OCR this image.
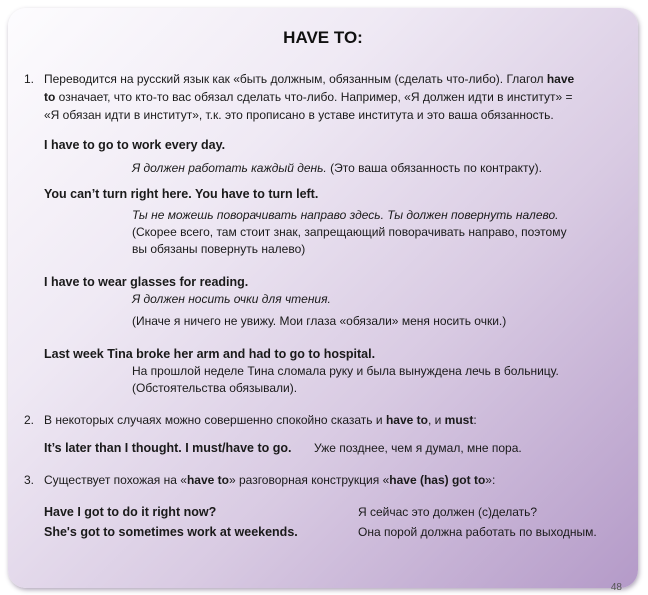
HAVE TO:
1. Переводится на русский язык как «быть должным, обязанным (сделать что-либо). Глагол have
to означает, что кто-то вас обязал сделать что-либо. Например, «Я должен идти в институт» =
«Я обязан идти в институт», т.к. это прописано в уставе института и это ваша обязанность.
I have to go to work every day.
Я должен работать каждый день. (Это ваша обязанность по контракту).
You can’t turn right here. You have to turn left.
Ты не можешь поворачивать направо здесь. Ты должен повернуть налево.
(Скорее всего, там стоит знак, запрещающий поворачивать направо, поэтому
вы обязаны повернуть налево)
I have to wear glasses for reading.
Я должен носить очки для чтения.
(Иначе я ничего не увижу. Мои глаза «обязали» меня носить очки.)
Last week Tina broke her arm and had to go to hospital.
На прошлой неделе Тина сломала руку и была вынуждена лечь в больницу.
(Обстоятельства обязывали).
2. В некоторых случаях можно совершенно спокойно сказать и have to, и must:
It’s later than I thought. I must/have to go. Уже позднее, чем я думал, мне пора.
3. Существует похожая на «have to» разговорная конструкция «have (has) got to»:
Have I got to do it right now?	Я сейчас это должен (с)делать?
She's got to sometimes work at weekends.	Она порой должна работать по выходным.
48
